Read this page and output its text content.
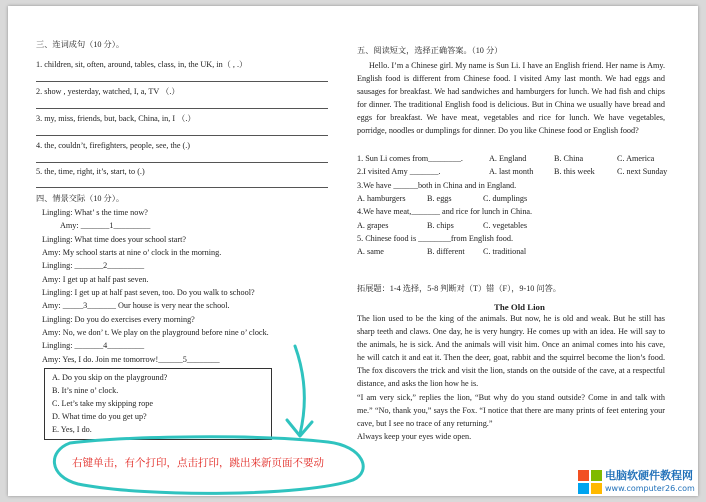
三、连词成句（10 分）。
1. children, sit, often, around, tables, class, in, the UK, in（ , .）
2. show , yesterday, watched, I, a, TV （.）
3. my, miss, friends, but, back, China, in, I （.）
4. the, couldn’t, firefighters, people, see, the (.)
5. the, time, right, it’s, start, to (.)
四、情景交际（10 分）。
Lingling: What’ s the time now?
Amy: _______1_________
Lingling: What time does your school start?
Amy: My school starts at nine o’ clock in the morning.
Lingling: _______2_________
Amy: I get up at half past seven.
Lingling: I get up at half past seven, too. Do you walk to school?
Amy: _____3_______ Our house is very near the school.
Lingling: Do you do exercises every morning?
Amy: No, we don’ t. We play on the playground before nine o’ clock.
Lingling: _______4_________
Amy: Yes, I do. Join me tomorrow!______5________
A. Do you skip on the playground?
B. It’s nine o’ clock.
C. Let’s take my skipping rope
D. What time do you get up?
E. Yes, I do.
右键单击，有个打印，点击打印，跳出来新页面不要动
五、阅读短文，选择正确答案。（10 分）

Hello. I’m a Chinese girl. My name is Sun Li. I have an English friend. Her name is Amy. English food is different from Chinese food. I visited Amy last month. We had eggs and sausages for breakfast. We had sandwiches and hamburgers for lunch. We had fish and chips for dinner. The traditional English food is delicious. But in China we usually have bread and eggs for breakfast. We have meat, vegetables and rice for lunch. We have vegetables, porridge, noodles or dumplings for dinner. Do you like Chinese food or English food?

1. Sun Li comes from________.	A. England	B. China	C. America
2.I visited Amy _______.	A. last month	B. this week	C. next Sunday
3.We have ______both in China and in England.
A. hamburgers	B. eggs	C. dumplings
4.We have meat,_______ and rice for lunch in China.
A. grapes	B. chips	C. vegetables
5. Chinese food is ________from English food.
A. same	B. different C. traditional
拓展题：1-4 选择，5-8 判断对（T）错（F），9-10 问答。
The Old Lion

The lion used to be the king of the animals. But now, he is old and weak. But he still has sharp teeth and claws. One day, he is very hungry. He comes up with an idea. He will say to the animals, he is sick. And the animals will visit him. Once an animal comes into his cave, he will catch it and eat it. Then the deer, goat, rabbit and the squirrel become the lion’s food. The fox discovers the trick and visit the lion, stands on the outside of the cave, at a respectful distance, and asks the lion how he is.

“I am very sick,” replies the lion, “But why do you stand outside? Come in and talk with me.” “No, thank you,” says the Fox. “I notice that there are many prints of feet entering your cave, but I see no trace of any returning.”

Always keep your eyes wide open.

电脑软硬件教程网
www.computer26.com
